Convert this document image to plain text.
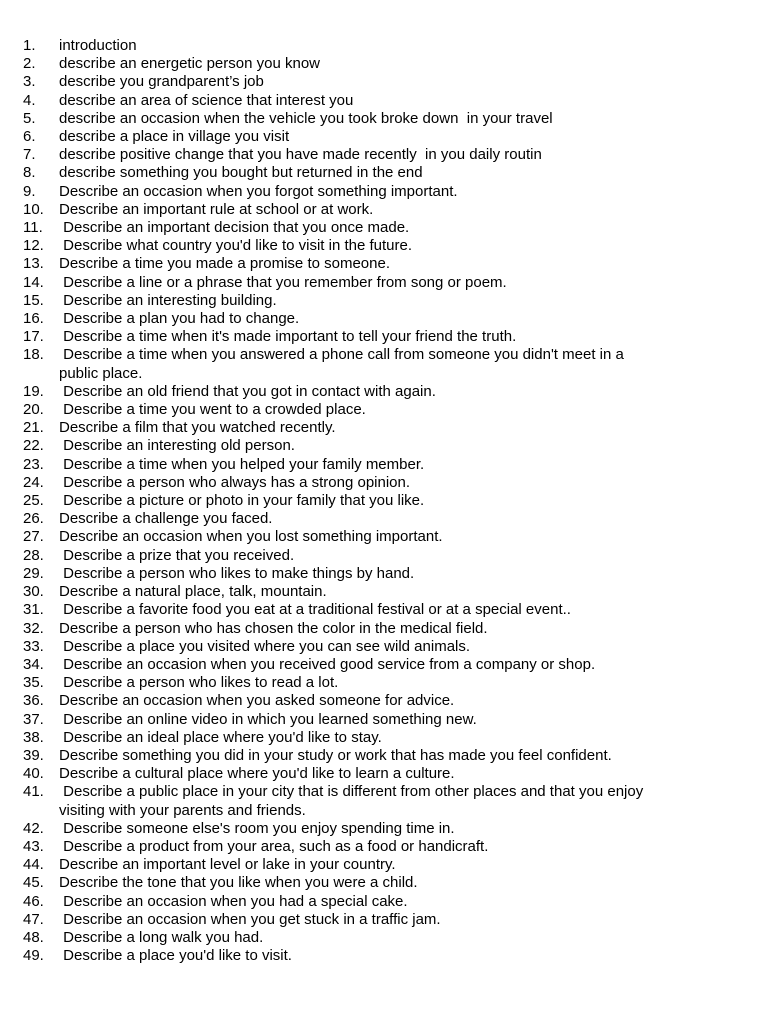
1.	introduction
2.	describe an energetic person you know
3.	describe you grandparent’s job
4.	describe an area of science that interest you
5.	describe an occasion when the vehicle you took broke down  in your travel
6.	describe a place in village you visit
7.	describe positive change that you have made recently  in you daily routin
8.	describe something you bought but returned in the end
9.	Describe an occasion when you forgot something important.
10.	Describe an important rule at school or at work.
11.	Describe an important decision that you once made.
12.	Describe what country you'd like to visit in the future.
13.	Describe a time you made a promise to someone.
14.	Describe a line or a phrase that you remember from song or poem.
15.	Describe an interesting building.
16.	Describe a plan you had to change.
17.	Describe a time when it's made important to tell your friend the truth.
18.	Describe a time when you answered a phone call from someone you didn't meet in a
public place.
19.	Describe an old friend that you got in contact with again.
20.	Describe a time you went to a crowded place.
21.	Describe a film that you watched recently.
22.	Describe an interesting old person.
23.	Describe a time when you helped your family member.
24.	Describe a person who always has a strong opinion.
25.	Describe a picture or photo in your family that you like.
26.	Describe a challenge you faced.
27.	Describe an occasion when you lost something important.
28.	Describe a prize that you received.
29.	Describe a person who likes to make things by hand.
30.	Describe a natural place, talk, mountain.
31.	Describe a favorite food you eat at a traditional festival or at a special event..
32.	Describe a person who has chosen the color in the medical field.
33.	Describe a place you visited where you can see wild animals.
34.	Describe an occasion when you received good service from a company or shop.
35.	Describe a person who likes to read a lot.
36.	Describe an occasion when you asked someone for advice.
37.	Describe an online video in which you learned something new.
38.	Describe an ideal place where you'd like to stay.
39.	Describe something you did in your study or work that has made you feel confident.
40.	Describe a cultural place where you'd like to learn a culture.
41.	Describe a public place in your city that is different from other places and that you enjoy
visiting with your parents and friends.
42.	Describe someone else's room you enjoy spending time in.
43.	Describe a product from your area, such as a food or handicraft.
44.	Describe an important level or lake in your country.
45.	Describe the tone that you like when you were a child.
46.	Describe an occasion when you had a special cake.
47.	Describe an occasion when you get stuck in a traffic jam.
48.	Describe a long walk you had.
49.	Describe a place you'd like to visit.
